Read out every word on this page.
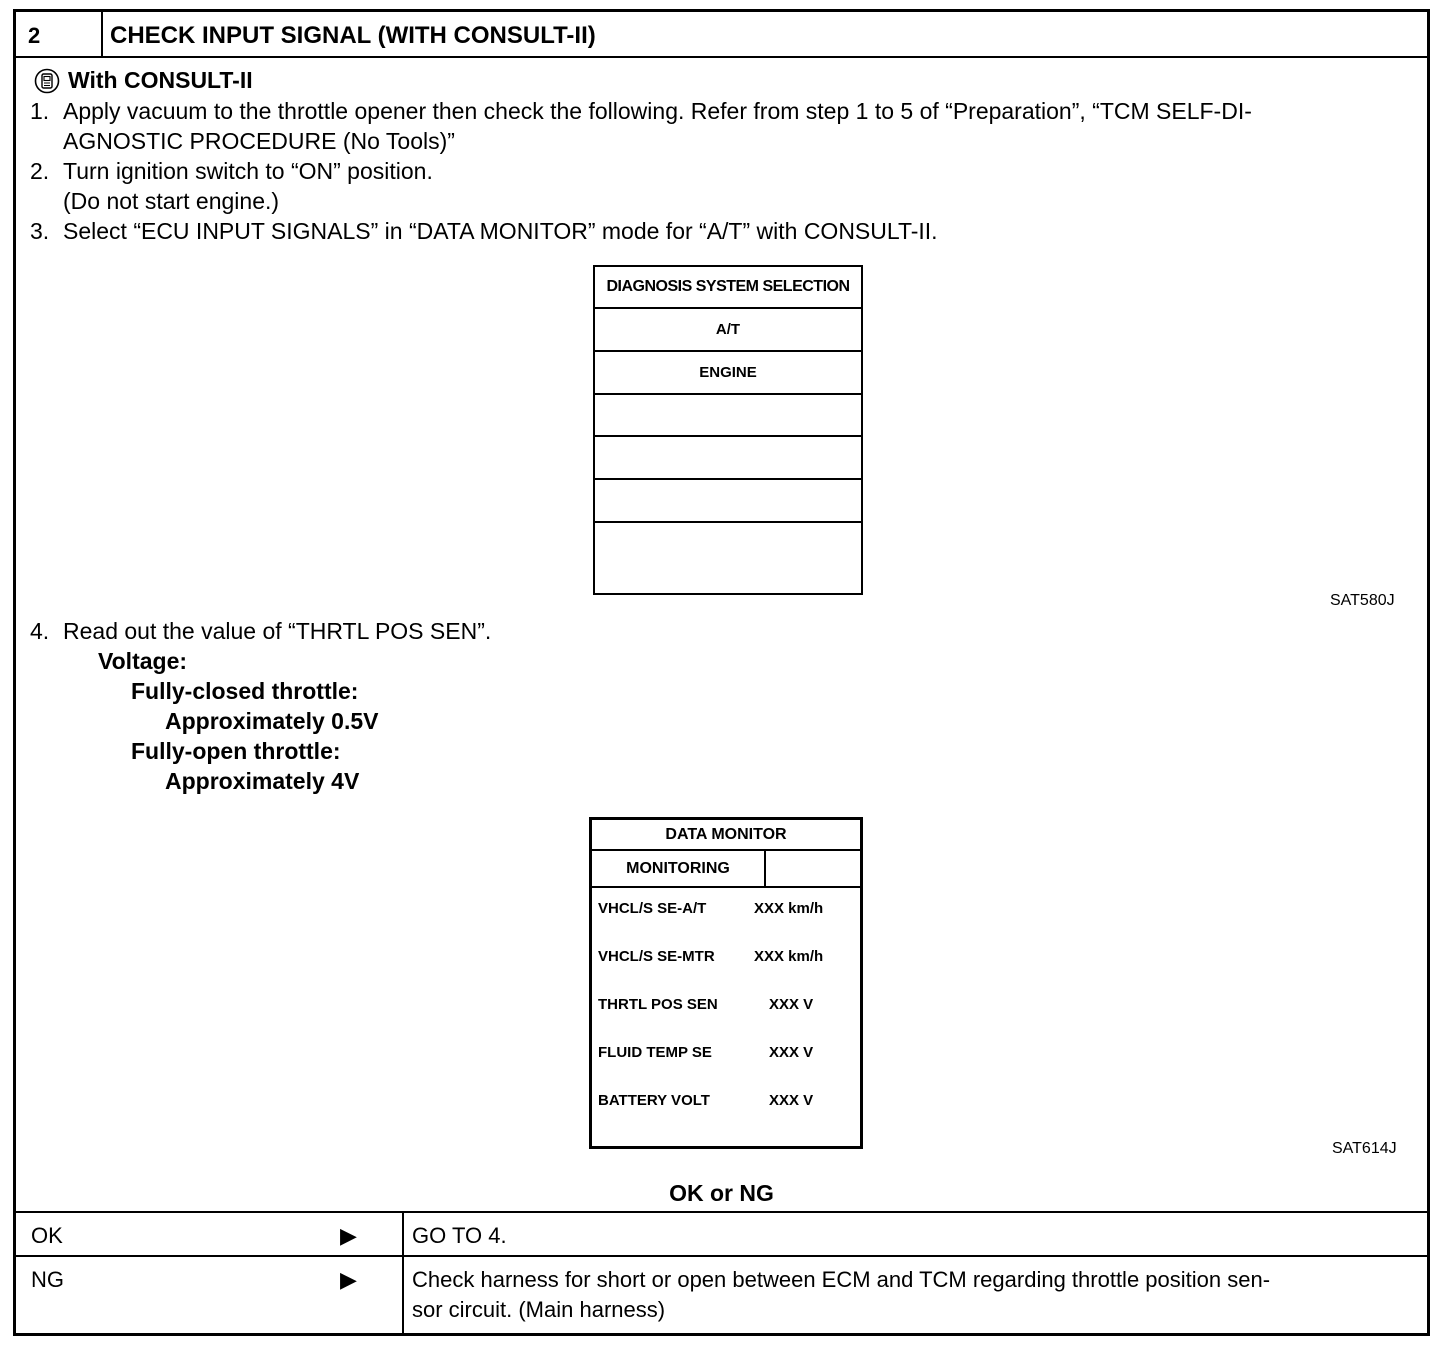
2	CHECK INPUT SIGNAL (WITH CONSULT-II)
With CONSULT-II
1. Apply vacuum to the throttle opener then check the following. Refer from step 1 to 5 of “Preparation”, “TCM SELF-DI-
AGNOSTIC PROCEDURE (No Tools)”
2. Turn ignition switch to “ON” position.
(Do not start engine.)
3. Select “ECU INPUT SIGNALS” in “DATA MONITOR” mode for “A/T” with CONSULT-II.
DIAGNOSIS SYSTEM SELECTION
A/T
ENGINE
SAT580J
4. Read out the value of “THRTL POS SEN”.
Voltage:
Fully-closed throttle:
Approximately 0.5V
Fully-open throttle:
Approximately 4V
DATA MONITOR
MONITORING
VHCL/S SE-A/T	XXX km/h
VHCL/S SE-MTR	XXX km/h
THRTL POS SEN	XXX V
FLUID TEMP SE	XXX V
BATTERY VOLT	XXX V
SAT614J
OK or NG
OK	▶	GO TO 4.
NG	▶	Check harness for short or open between ECM and TCM regarding throttle position sen-
sor circuit. (Main harness)
